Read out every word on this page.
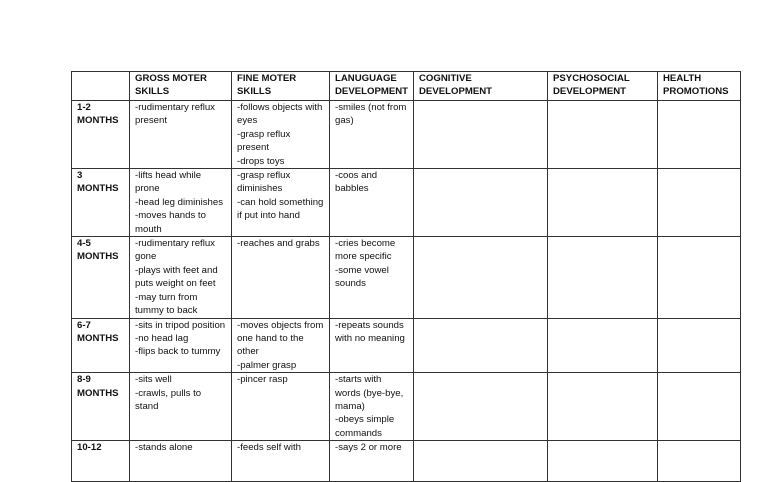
	GROSS MOTER SKILLS	FINE MOTER SKILLS	LANUGUAGE DEVELOPMENT	COGNITIVE DEVELOPMENT	PSYCHOSOCIAL DEVELOPMENT	HEALTH PROMOTIONS
1-2 MONTHS	-rudimentary reflux present	-follows objects with eyes
-grasp reflux present
-drops toys	-smiles (not from gas)			

3 MONTHS	-lifts head while prone
-head leg diminishes
-moves hands to mouth	-grasp reflux diminishes
-can hold something if put into hand	-coos and babbles			

4-5 MONTHS	-rudimentary reflux gone
-plays with feet and puts weight on feet
-may turn from tummy to back	-reaches and grabs	-cries become more specific
-some vowel sounds			

6-7 MONTHS	-sits in tripod position
-no head lag
-flips back to tummy	-moves objects from one hand to the other
-palmer grasp	-repeats sounds with no meaning			

8-9 MONTHS	-sits well
-crawls, pulls to stand	-pincer rasp	-starts with words (bye-bye, mama)
-obeys simple commands			

10-12	-stands alone	-feeds self with	-says 2 or more			
